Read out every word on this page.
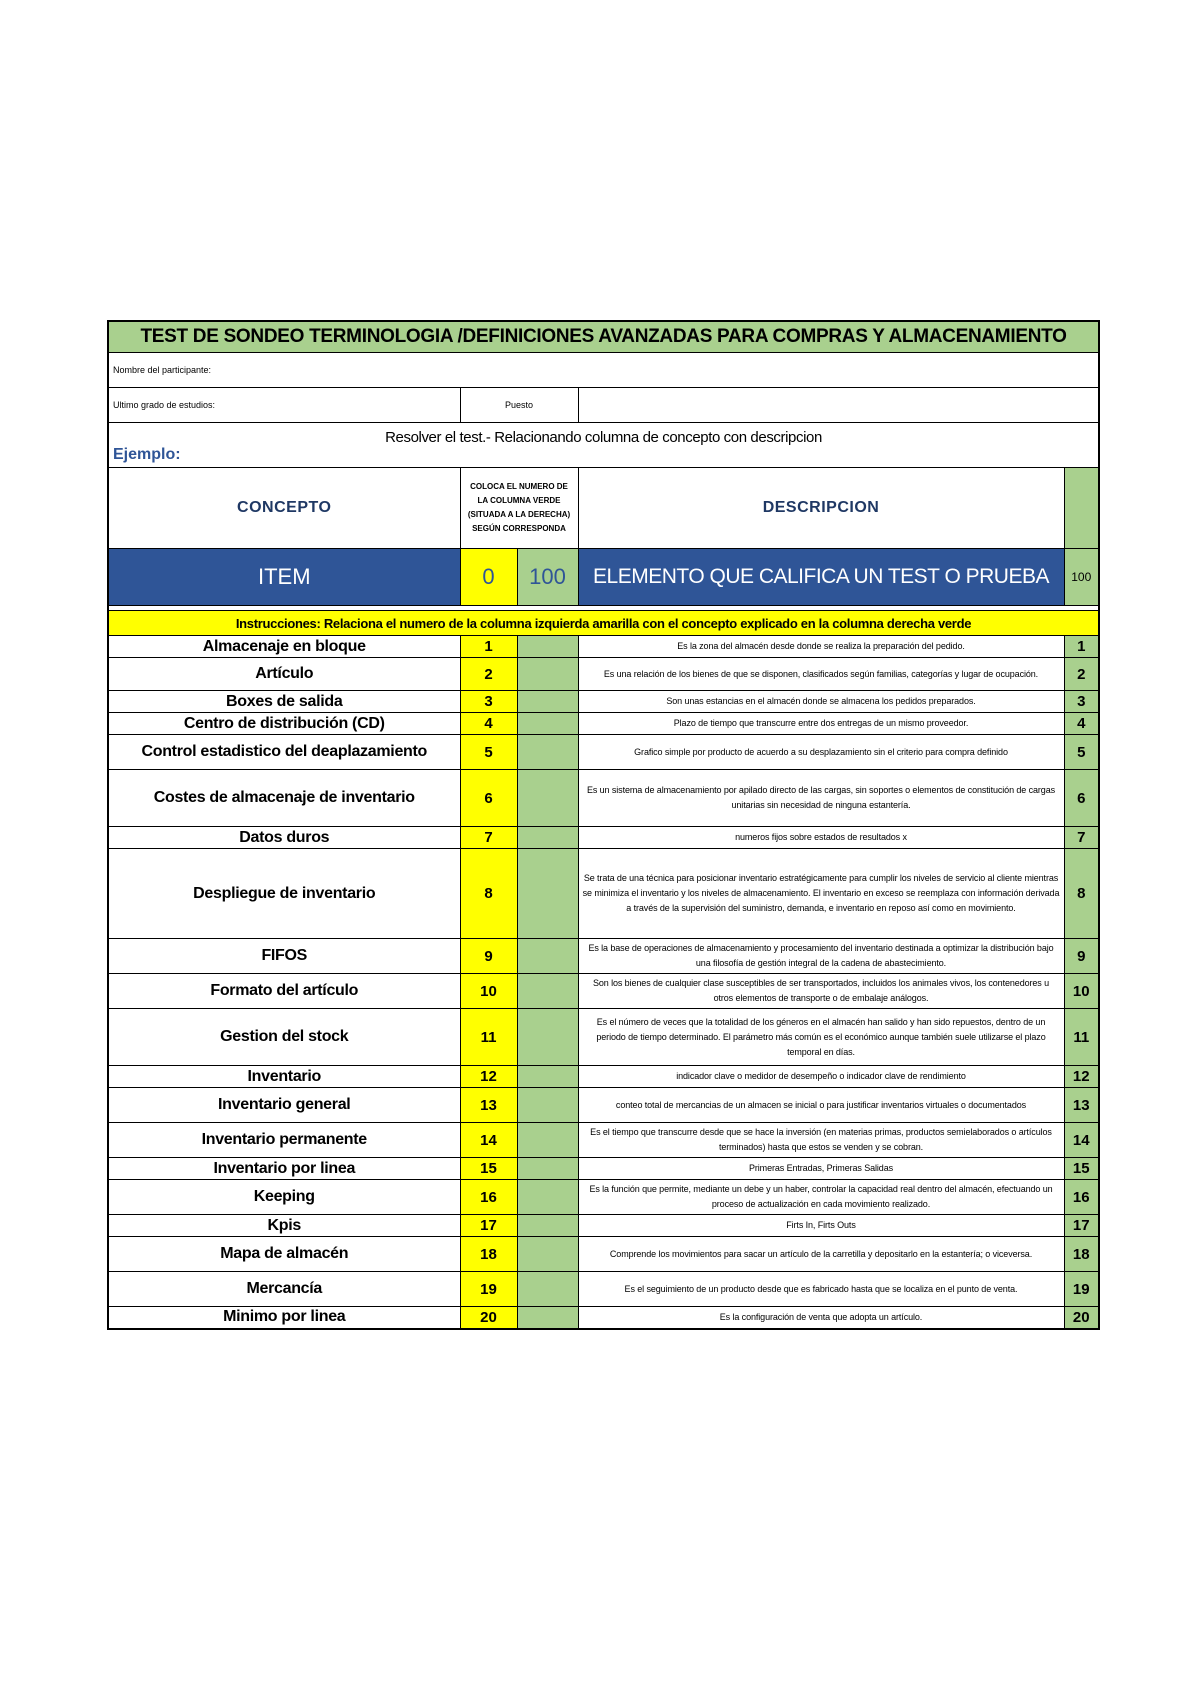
TEST DE SONDEO TERMINOLOGIA /DEFINICIONES AVANZADAS PARA COMPRAS Y ALMACENAMIENTO				
Nombre del participante:				
Ultimo grado de estudios:	Puesto			

Resolver el test.- Relacionando columna de concepto con descripcion
Ejemplo:				

CONCEPTO	COLOCA EL NUMERO DE LA COLUMNA VERDE (SITUADA A LA DERECHA) SEGÚN CORRESPONDA		DESCRIPCION	
ITEM	0	100	ELEMENTO QUE CALIFICA UN TEST O PRUEBA	100

Instrucciones: Relaciona el numero de la columna izquierda amarilla con el concepto explicado en la columna derecha verde				
Almacenaje en bloque	1		Es la zona del almacén desde donde se realiza la preparación del pedido.	1
Artículo	2		Es una relación de los bienes de que se disponen, clasificados según familias, categorías y lugar de ocupación.	2
Boxes de salida	3		Son unas estancias en el almacén donde se almacena los pedidos preparados.	3
Centro de distribución (CD)	4		Plazo de tiempo que transcurre entre dos entregas de un mismo proveedor.	4
Control estadistico del deaplazamiento	5		Grafico simple por producto de acuerdo a su desplazamiento sin el criterio para compra definido	5
Costes de almacenaje de inventario	6		Es un sistema de almacenamiento por apilado directo de las cargas, sin soportes o elementos de constitución de cargas unitarias sin necesidad de ninguna estantería.	6
Datos duros	7		numeros fijos sobre estados de resultados x	7
Despliegue de inventario	8		Se trata de una técnica para posicionar inventario estratégicamente para cumplir los niveles de servicio al cliente mientras se minimiza el inventario y los niveles de almacenamiento. El inventario en exceso se reemplaza con información derivada a través de la supervisión del suministro, demanda, e inventario en reposo así como en movimiento.	8
FIFOS	9		Es la base de operaciones de almacenamiento y procesamiento del inventario destinada a optimizar la distribución bajo una filosofía de gestión integral de la cadena de abastecimiento.	9
Formato del artículo	10		Son los bienes de cualquier clase susceptibles de ser transportados, incluidos los animales vivos, los contenedores u otros elementos de transporte o de embalaje análogos.	10
Gestion del stock	11		Es el número de veces que la totalidad de los géneros en el almacén han salido y han sido repuestos, dentro de un periodo de tiempo determinado. El parámetro más común es el económico aunque también suele utilizarse el plazo temporal en días.	11
Inventario	12		indicador clave o medidor de desempeño o indicador clave de rendimiento	12
Inventario general	13		conteo total de mercancias de un almacen se inicial o para justificar inventarios virtuales o documentados	13
Inventario permanente	14		Es el tiempo que transcurre desde que se hace la inversión (en materias primas, productos semielaborados o artículos terminados) hasta que estos se venden y se cobran.	14
Inventario por linea	15		Primeras Entradas, Primeras Salidas	15
Keeping	16		Es la función que permite, mediante un debe y un haber, controlar la capacidad real dentro del almacén, efectuando un proceso de actualización en cada movimiento realizado.	16
Kpis	17		Firts In, Firts Outs	17
Mapa de almacén	18		Comprende los movimientos para sacar un artículo de la carretilla y depositarlo en la estantería; o viceversa.	18
Mercancía	19		Es el seguimiento de un producto desde que es fabricado hasta que se localiza en el punto de venta.	19
Minimo por linea	20		Es la configuración de venta que adopta un artículo.	20
